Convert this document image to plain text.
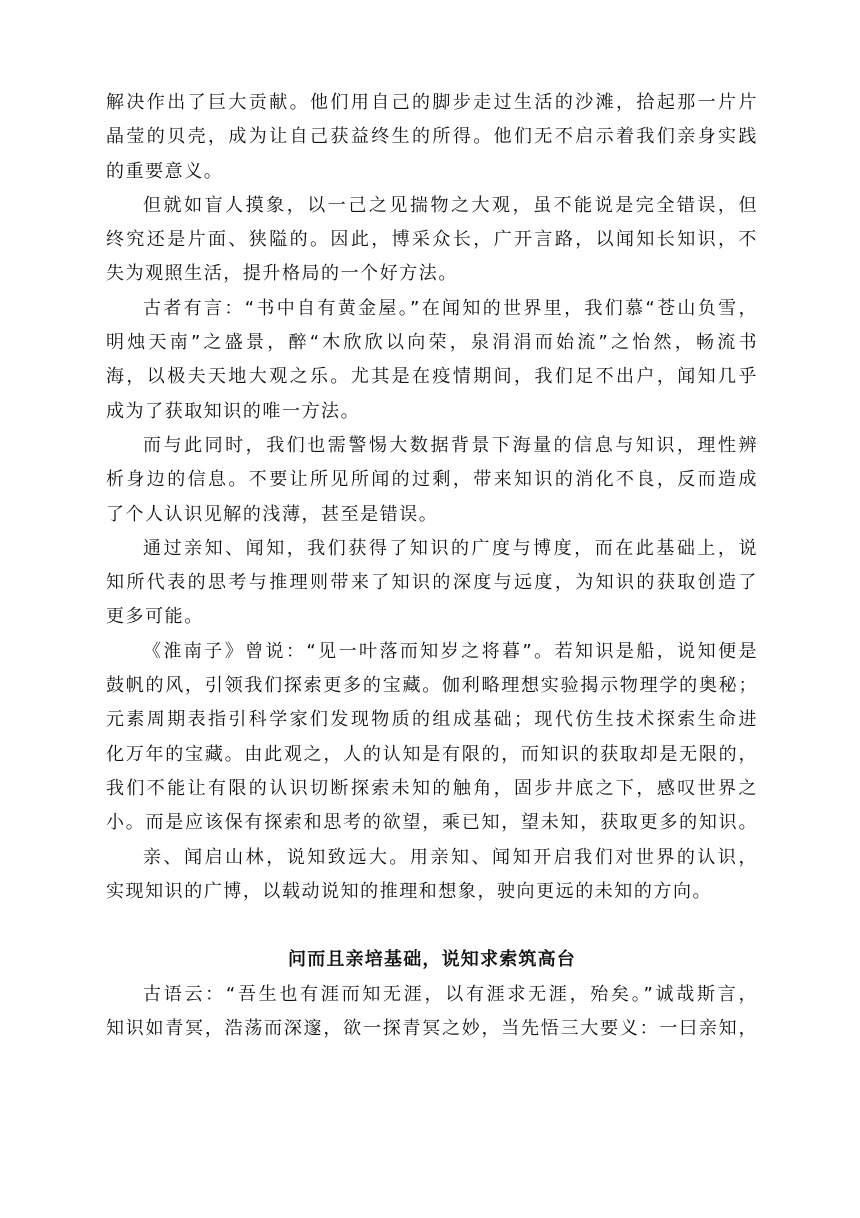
解决作出了巨大贡献。他们用自己的脚步走过生活的沙滩，拾起那一片片
晶莹的贝壳，成为让自己获益终生的所得。他们无不启示着我们亲身实践
的重要意义。
但就如盲人摸象，以一己之见揣物之大观，虽不能说是完全错误，但
终究还是片面、狭隘的。因此，博采众长，广开言路，以闻知长知识，不
失为观照生活，提升格局的一个好方法。
古者有言：“书中自有黄金屋。”在闻知的世界里，我们慕“苍山负雪，
明烛天南”之盛景，醉“木欣欣以向荣，泉涓涓而始流”之怡然，畅流书
海，以极夫天地大观之乐。尤其是在疫情期间，我们足不出户，闻知几乎
成为了获取知识的唯一方法。
而与此同时，我们也需警惕大数据背景下海量的信息与知识，理性辨
析身边的信息。不要让所见所闻的过剩，带来知识的消化不良，反而造成
了个人认识见解的浅薄，甚至是错误。
通过亲知、闻知，我们获得了知识的广度与博度，而在此基础上，说
知所代表的思考与推理则带来了知识的深度与远度，为知识的获取创造了
更多可能。
《淮南子》曾说：“见一叶落而知岁之将暮”。若知识是船，说知便是
鼓帆的风，引领我们探索更多的宝藏。伽利略理想实验揭示物理学的奥秘；
元素周期表指引科学家们发现物质的组成基础；现代仿生技术探索生命进
化万年的宝藏。由此观之，人的认知是有限的，而知识的获取却是无限的，
我们不能让有限的认识切断探索未知的触角，固步井底之下，感叹世界之
小。而是应该保有探索和思考的欲望，乘已知，望未知，获取更多的知识。
亲、闻启山林，说知致远大。用亲知、闻知开启我们对世界的认识，
实现知识的广博，以载动说知的推理和想象，驶向更远的未知的方向。
问而且亲培基础，说知求索筑高台
古语云：“吾生也有涯而知无涯，以有涯求无涯，殆矣。”诚哉斯言，
知识如青冥，浩荡而深邃，欲一探青冥之妙，当先悟三大要义：一曰亲知，
